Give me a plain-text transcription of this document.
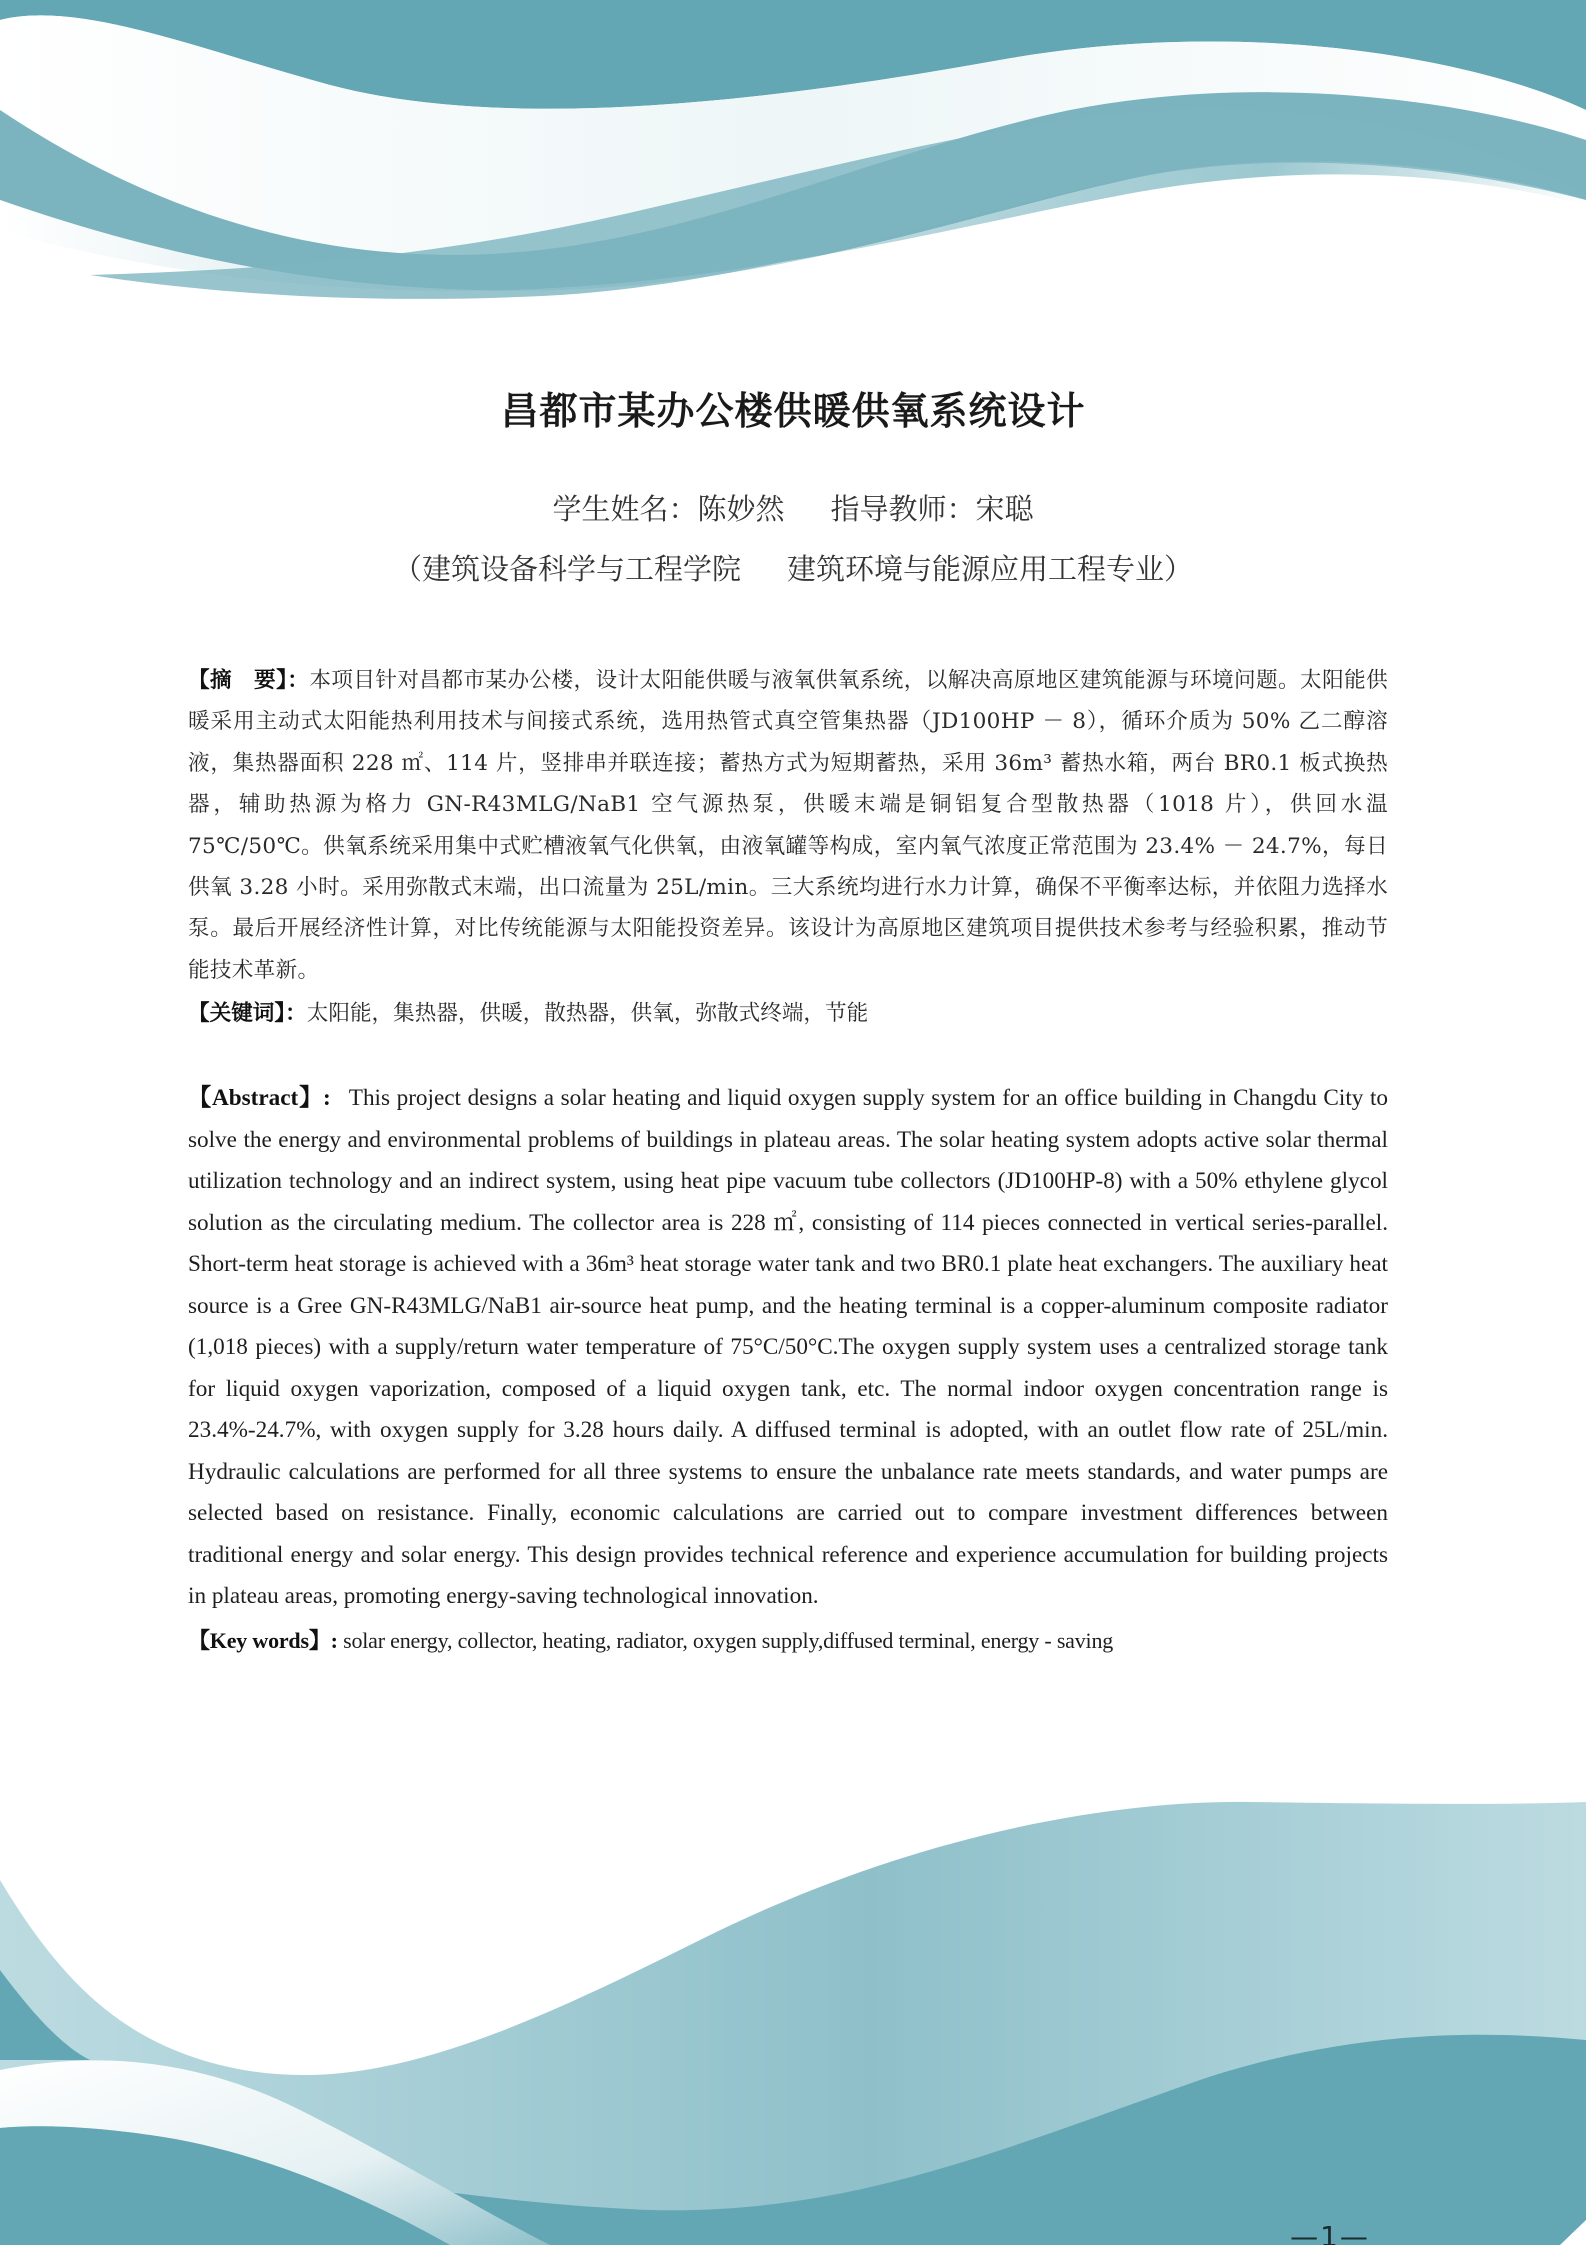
昌都市某办公楼供暖供氧系统设计
学生姓名：陈妙然 指导教师：宋聪
（建筑设备科学与工程学院 建筑环境与能源应用工程专业）
【摘　要】：本项目针对昌都市某办公楼，设计太阳能供暖与液氧供氧系统，以解决高原地区建筑能源与环境问题。太阳能供暖采用主动式太阳能热利用技术与间接式系统，选用热管式真空管集热器（JD100HP － 8），循环介质为 50% 乙二醇溶液，集热器面积 228 ㎡、114 片，竖排串并联连接；蓄热方式为短期蓄热，采用 36m³ 蓄热水箱，两台 BR0.1 板式换热器，辅助热源为格力 GN-R43MLG/NaB1 空气源热泵，供暖末端是铜铝复合型散热器（1018 片），供回水温 75℃/50℃。供氧系统采用集中式贮槽液氧气化供氧，由液氧罐等构成，室内氧气浓度正常范围为 23.4% － 24.7%，每日供氧 3.28 小时。采用弥散式末端，出口流量为 25L/min。三大系统均进行水力计算，确保不平衡率达标，并依阻力选择水泵。最后开展经济性计算，对比传统能源与太阳能投资差异。该设计为高原地区建筑项目提供技术参考与经验积累，推动节能技术革新。
【关键词】：太阳能，集热器，供暖，散热器，供氧，弥散式终端，节能
【Abstract】: This project designs a solar heating and liquid oxygen supply system for an office building in Changdu City to solve the energy and environmental problems of buildings in plateau areas. The solar heating system adopts active solar thermal utilization technology and an indirect system, using heat pipe vacuum tube collectors (JD100HP-8) with a 50% ethylene glycol solution as the circulating medium. The collector area is 228 ㎡, consisting of 114 pieces connected in vertical series-parallel. Short-term heat storage is achieved with a 36m³ heat storage water tank and two BR0.1 plate heat exchangers. The auxiliary heat source is a Gree GN-R43MLG/NaB1 air-source heat pump, and the heating terminal is a copper-aluminum composite radiator (1,018 pieces) with a supply/return water temperature of 75°C/50°C.The oxygen supply system uses a centralized storage tank for liquid oxygen vaporization, composed of a liquid oxygen tank, etc. The normal indoor oxygen concentration range is 23.4%-24.7%, with oxygen supply for 3.28 hours daily. A diffused terminal is adopted, with an outlet flow rate of 25L/min. Hydraulic calculations are performed for all three systems to ensure the unbalance rate meets standards, and water pumps are selected based on resistance. Finally, economic calculations are carried out to compare investment differences between traditional energy and solar energy. This design provides technical reference and experience accumulation for building projects in plateau areas, promoting energy-saving technological innovation.
【Key words】: solar energy, collector, heating, radiator, oxygen supply,diffused terminal, energy - saving
—1—
